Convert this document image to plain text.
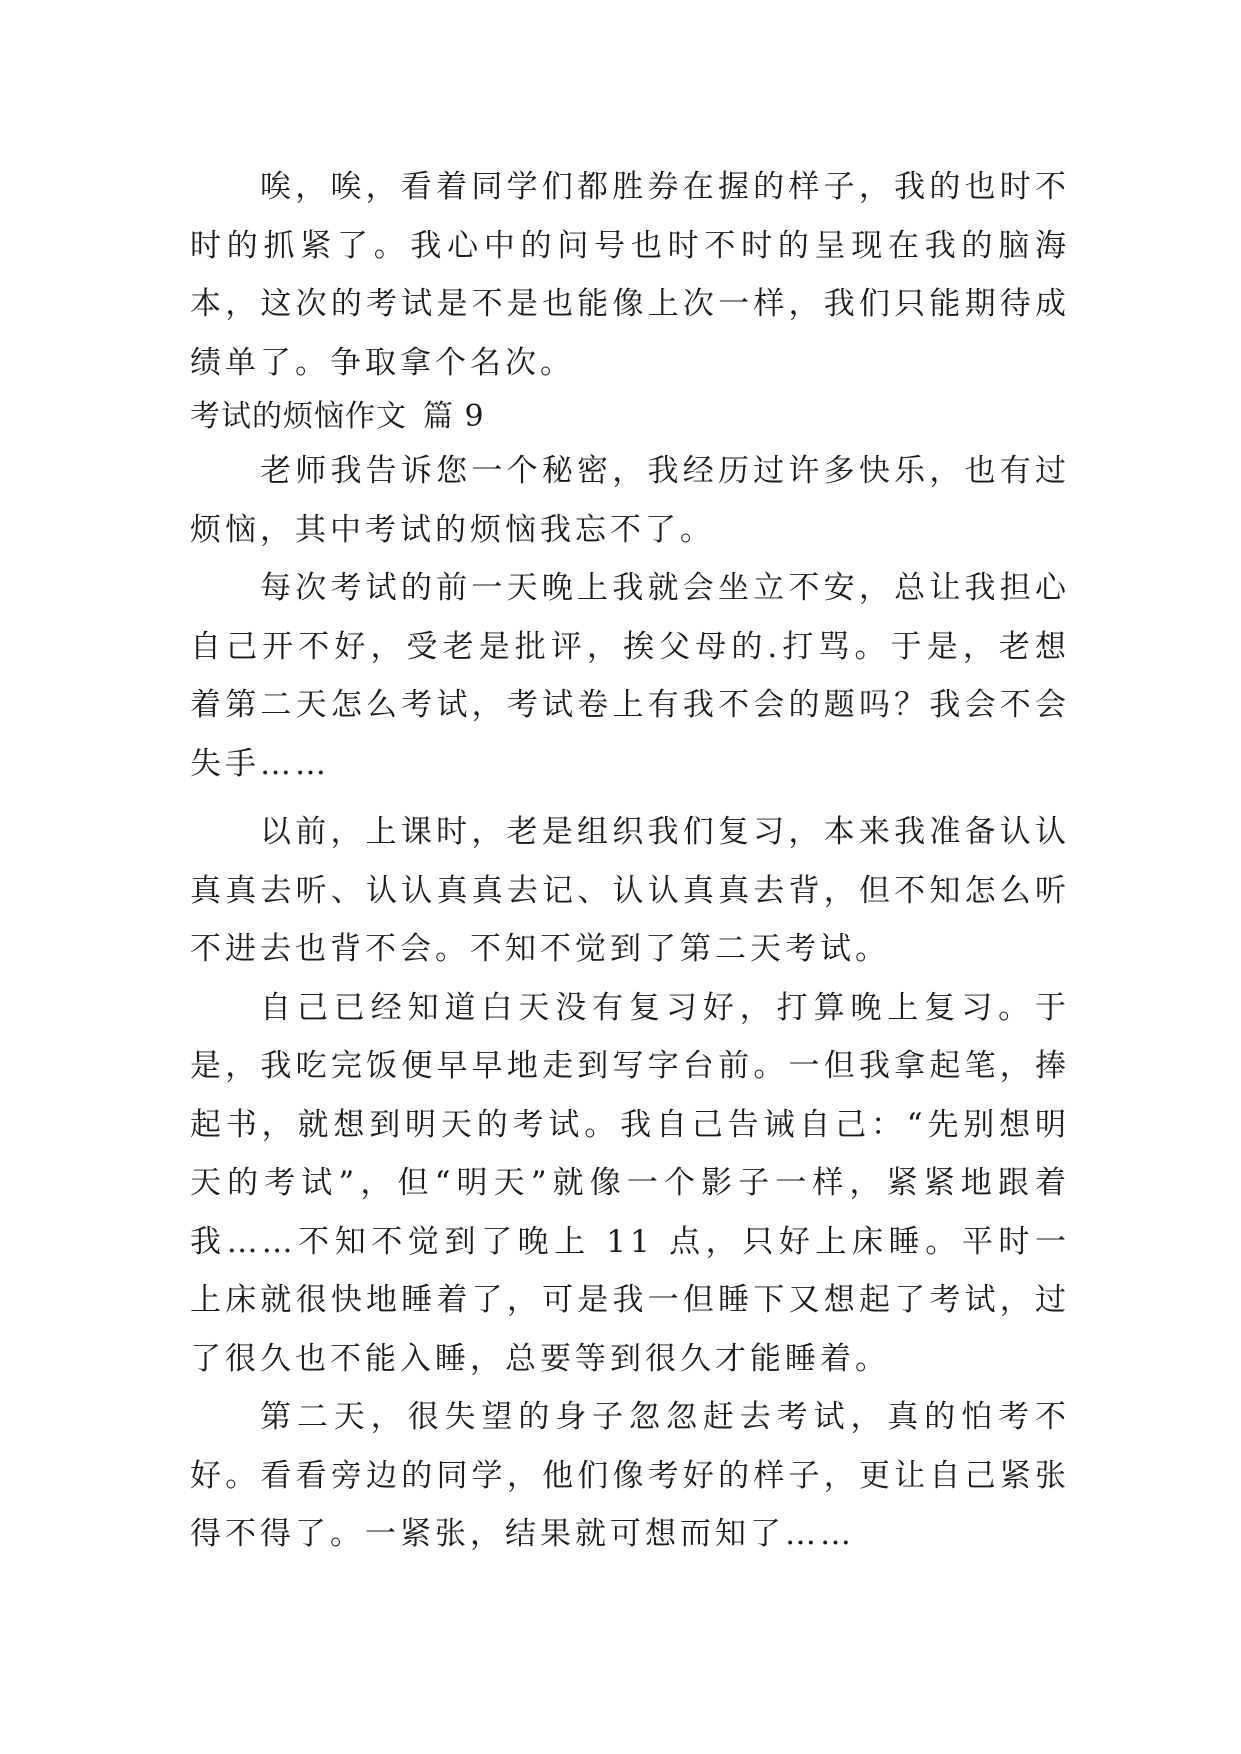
唉，唉，看着同学们都胜券在握的样子，我的也时不时的抓紧了。我心中的问号也时不时的呈现在我的脑海本，这次的考试是不是也能像上次一样，我们只能期待成绩单了。争取拿个名次。

考试的烦恼作文 篇 9

老师我告诉您一个秘密，我经历过许多快乐，也有过烦恼，其中考试的烦恼我忘不了。

每次考试的前一天晚上我就会坐立不安，总让我担心自己开不好，受老是批评，挨父母的.打骂。于是，老想着第二天怎么考试，考试卷上有我不会的题吗？我会不会失手……

以前，上课时，老是组织我们复习，本来我准备认认真真去听、认认真真去记、认认真真去背，但不知怎么听不进去也背不会。不知不觉到了第二天考试。

自己已经知道白天没有复习好，打算晚上复习。于是，我吃完饭便早早地走到写字台前。一但我拿起笔，捧起书，就想到明天的考试。我自己告诫自己：“先别想明天的考试”，但“明天”就像一个影子一样，紧紧地跟着我……不知不觉到了晚上 11 点，只好上床睡。平时一上床就很快地睡着了，可是我一但睡下又想起了考试，过了很久也不能入睡，总要等到很久才能睡着。

第二天，很失望的身子忽忽赶去考试，真的怕考不好。看看旁边的同学，他们像考好的样子，更让自己紧张得不得了。一紧张，结果就可想而知了……
